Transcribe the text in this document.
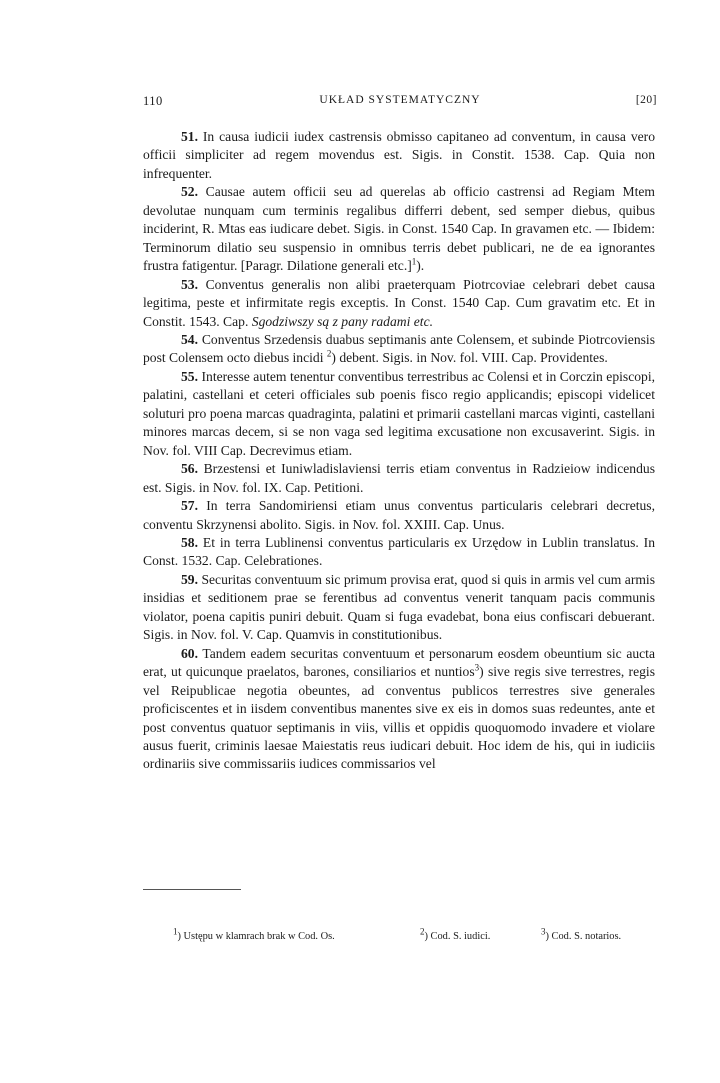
110	UKŁAD SYSTEMATYCZNY	[20]

51. In causa iudicii iudex castrensis obmisso capitaneo ad conventum, in causa vero officii simpliciter ad regem movendus est. Sigis. in Constit. 1538. Cap. Quia non infrequenter.

52. Causae autem officii seu ad querelas ab officio castrensi ad Regiam Mtem devolutae nunquam cum terminis regalibus differri debent, sed semper diebus, quibus inciderint, R. Mtas eas iudicare debet. Sigis. in Const. 1540 Cap. In gravamen etc. — Ibidem: Terminorum dilatio seu suspensio in omnibus terris debet publicari, ne de ea ignorantes frustra fatigentur. [Paragr. Dilatione generali etc.]$^1$).

53. Conventus generalis non alibi praeterquam Piotrcoviae celebrari debet causa legitima, peste et infirmitate regis exceptis. In Const. 1540 Cap. Cum gravatim etc. Et in Constit. 1543. Cap. Sgodziwszy są z pany radami etc.

54. Conventus Srzedensis duabus septimanis ante Colensem, et subinde Piotrcoviensis post Colensem octo diebus incidi $^2$) debent. Sigis. in Nov. fol. VIII. Cap. Providentes.

55. Interesse autem tenentur conventibus terrestribus ac Colensi et in Corczin episcopi, palatini, castellani et ceteri officiales sub poenis fisco regio applicandis; episcopi videlicet soluturi pro poena marcas quadraginta, palatini et primarii castellani marcas viginti, castellani minores marcas decem, si se non vaga sed legitima excusatione non excusaverint. Sigis. in Nov. fol. VIII Cap. Decrevimus etiam.

56. Brzestensi et Iuniwladislaviensi terris etiam conventus in Radzieiow indicendus est. Sigis. in Nov. fol. IX. Cap. Petitioni.

57. In terra Sandomiriensi etiam unus conventus particularis celebrari decretus, conventu Skrzynensi abolito. Sigis. in Nov. fol. XXIII. Cap. Unus.

58. Et in terra Lublinensi conventus particularis ex Urzędow in Lublin translatus. In Const. 1532. Cap. Celebrationes.

59. Securitas conventuum sic primum provisa erat, quod si quis in armis vel cum armis insidias et seditionem prae se ferentibus ad conventus venerit tanquam pacis communis violator, poena capitis puniri debuit. Quam si fuga evadebat, bona eius confiscari debuerant. Sigis. in Nov. fol. V. Cap. Quamvis in constitutionibus.

60. Tandem eadem securitas conventuum et personarum eosdem obeuntium sic aucta erat, ut quicunque praelatos, barones, consiliarios et nuntios$^3$) sive regis sive terrestres, regis vel Reipublicae negotia obeuntes, ad conventus publicos terrestres sive generales proficiscentes et in iisdem conventibus manentes sive ex eis in domos suas redeuntes, ante et post conventus quatuor septimanis in viis, villis et oppidis quoquomodo invadere et violare ausus fuerit, criminis laesae Maiestatis reus iudicari debuit. Hoc idem de his, qui in iudiciis ordinariis sive commissariis iudices commissarios vel

1) Ustępu w klamrach brak w Cod. Os.	2) Cod. S. iudici.	3) Cod. S. notarios.
